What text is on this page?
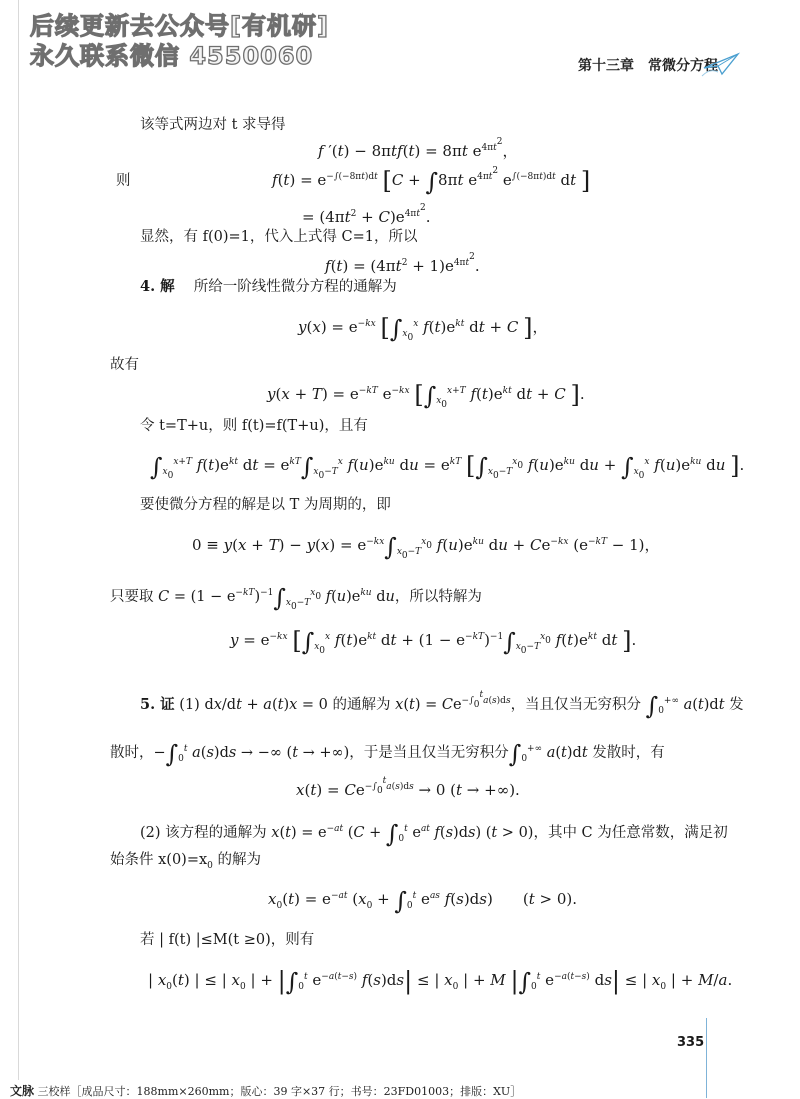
后续更新去公众号[有机研]
永久联系微信 4550060	第十三章　常微分方程
该等式两边对 t 求导得
f ′(t) − 8πtf(t) = 8πt $e^{4\pi t^2}$，
则	$f(t) = e^{-\int(-8\pi t)dt}$ [C + ∫8πt $e^{4\pi t^2}$ $e^{\int(-8\pi t)dt}$ dt ]
= $(4\pi t^2 + C)e^{4\pi t^2}$.
显然，有 f(0)=1，代入上式得 C=1，所以
$f(t) = (4\pi t^2 + 1)e^{4\pi t^2}$.
4. 解　 所给一阶线性微分方程的通解为
$y(x) = e^{-kx}$ [$\int_{x_0}^x$ $f(t)e^{kt}$ dt + C ]，
故有
$y(x + T) = e^{-kT}$ $e^{-kx}$ [$\int_{x_0}^{x+T}$ $f(t)e^{kt}$ dt + C ].
令 t=T+u，则 f(t)=f(T+u)，且有
$\int_{x_0}^{x+T}$ $f(t)e^{kt}$ dt = $e^{kT}\int_{x_0-T}^x$ $f(u)e^{ku}$ du = $e^{kT}$ [$\int_{x_0-T}^{x_0}$ $f(u)e^{ku}$ du + $\int_{x_0}^x$ $f(u)e^{ku}$ du ].
要使微分方程的解是以 T 为周期的，即
$0 \equiv y(x + T) - y(x) = e^{-kx}\int_{x_0-T}^{x_0}$ $f(u)e^{ku}$ du + $Ce^{-kx}$ $(e^{-kT} - 1)$，
只要取 $C = (1 - e^{-kT})^{-1}\int_{x_0-T}^{x_0}$ $f(u)e^{ku}$ du，所以特解为
$y = e^{-kx}$ [$\int_{x_0}^x$ $f(t)e^{kt}$ dt + $(1 - e^{-kT})^{-1}\int_{x_0-T}^{x_0}$ $f(t)e^{kt}$ dt ].
5. 证 (1) dx/dt + a(t)x = 0 的通解为 $x(t) = Ce^{-\int_0^ta(s)ds}$，当且仅当无穷积分 $\int_0^{+\infty}$ a(t)dt 发
散时，$-\int_0^t$ a(s)ds → −∞ (t → +∞)，于是当且仅当无穷积分$\int_0^{+\infty}$ a(t)dt 发散时，有
$x(t) = Ce^{-\int_0^ta(s)ds} \to 0$ (t → +∞).
(2) 该方程的通解为 $x(t) = e^{-at}$ ($C + \int_0^t$ $e^{at}$ f(s)ds) (t > 0)，其中 C 为任意常数，满足初
始条件 $x(0)=x_0$ 的解为
$x_0(t) = e^{-at}$ ($x_0 + \int_0^t$ $e^{as}$ f(s)ds)　　(t > 0).
若 | f(t) |≤M(t ≥0)，则有
| $x_0(t)$ | ≤ | $x_0$ | + $|\int_0^t$ $e^{-a(t-s)}$ f(s)ds| ≤ | $x_0$ | + M $|\int_0^t$ $e^{-a(t-s)}$ ds| ≤ | $x_0$ | + M/a.
335
文脉 三校样［成品尺寸：188mm×260mm；版心：39 字×37 行；书号：23FD01003；排版：XU］
